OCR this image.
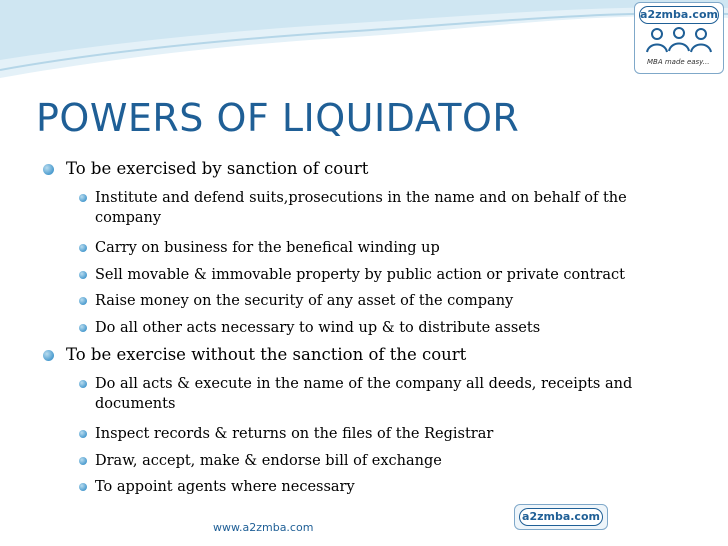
a2zmba.com
MBA made easy...
POWERS OF LIQUIDATOR
To be exercised by sanction of court
Institute and defend suits,prosecutions in the name and on behalf of the company
Carry on business for the benefical winding up
Sell movable & immovable property by public action or private contract
Raise money on the security of any asset of the company
Do all other acts necessary to wind up & to distribute assets
To be exercise without the sanction of the court
Do all acts & execute in the name of the company all deeds, receipts and documents
Inspect records & returns on the files of the Registrar
Draw, accept, make & endorse bill of exchange
To appoint agents where necessary
www.a2zmba.com
a2zmba.com
